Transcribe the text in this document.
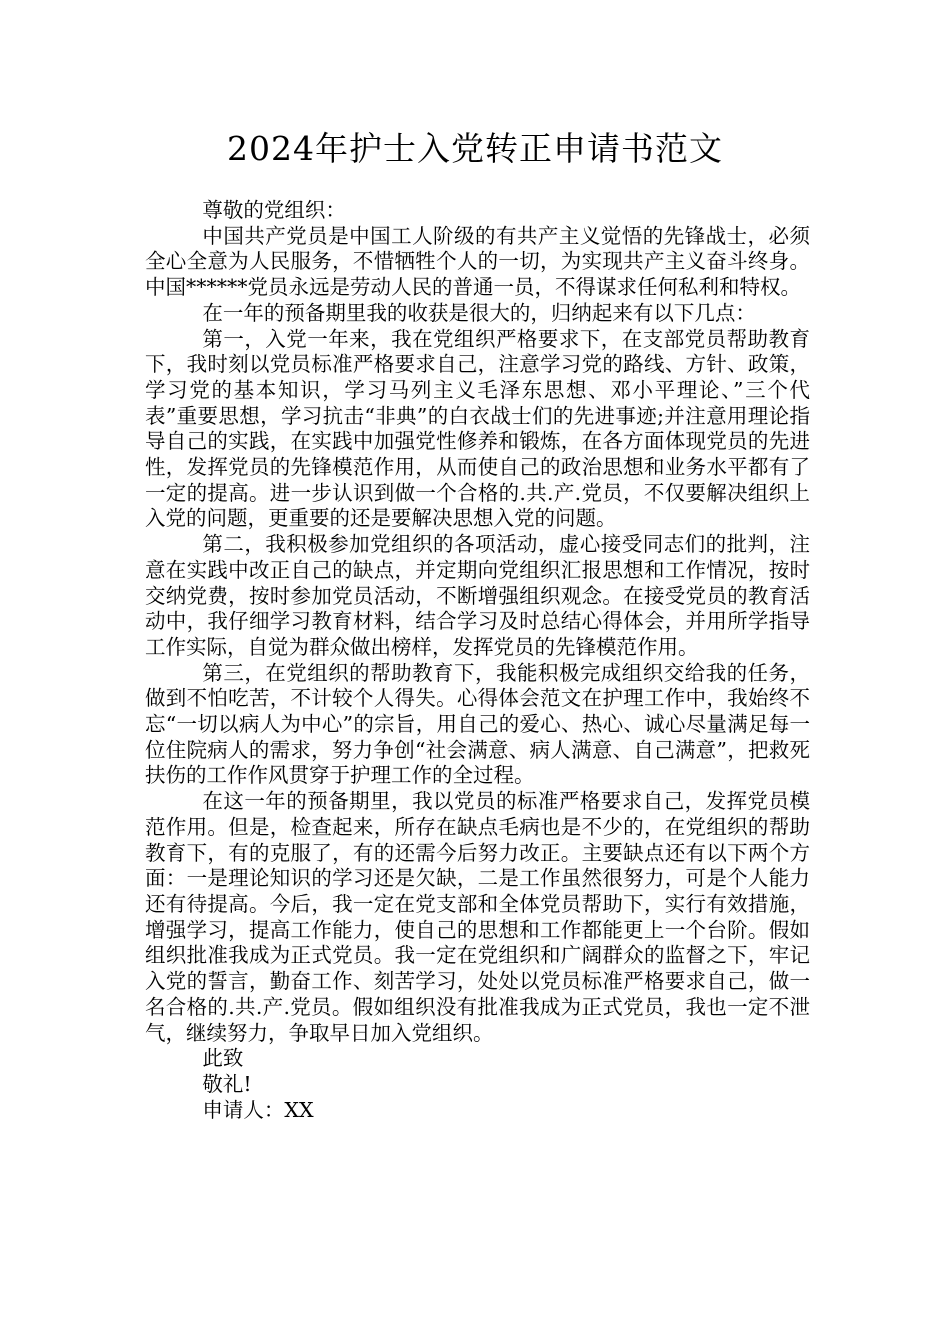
2024年护士入党转正申请书范文

尊敬的党组织：

中国共产党员是中国工人阶级的有共产主义觉悟的先锋战士，必须全心全意为人民服务，不惜牺牲个人的一切，为实现共产主义奋斗终身。中国******党员永远是劳动人民的普通一员，不得谋求任何私利和特权。

在一年的预备期里我的收获是很大的，归纳起来有以下几点：

第一，入党一年来，我在党组织严格要求下，在支部党员帮助教育下，我时刻以党员标准严格要求自己，注意学习党的路线、方针、政策，学习党的基本知识，学习马列主义毛泽东思想、邓小平理论、”三个代表”重要思想，学习抗击“非典”的白衣战士们的先进事迹;并注意用理论指导自己的实践，在实践中加强党性修养和锻炼，在各方面体现党员的先进性，发挥党员的先锋模范作用，从而使自己的政治思想和业务水平都有了一定的提高。进一步认识到做一个合格的.共.产.党员，不仅要解决组织上入党的问题，更重要的还是要解决思想入党的问题。

第二，我积极参加党组织的各项活动，虚心接受同志们的批判，注意在实践中改正自己的缺点，并定期向党组织汇报思想和工作情况，按时交纳党费，按时参加党员活动，不断增强组织观念。在接受党员的教育活动中，我仔细学习教育材料，结合学习及时总结心得体会，并用所学指导工作实际，自觉为群众做出榜样，发挥党员的先锋模范作用。

第三，在党组织的帮助教育下，我能积极完成组织交给我的任务，做到不怕吃苦，不计较个人得失。心得体会范文在护理工作中，我始终不忘“一切以病人为中心”的宗旨，用自己的爱心、热心、诚心尽量满足每一位住院病人的需求，努力争创“社会满意、病人满意、自己满意”，把救死扶伤的工作作风贯穿于护理工作的全过程。

在这一年的预备期里，我以党员的标准严格要求自己，发挥党员模范作用。但是，检查起来，所存在缺点毛病也是不少的，在党组织的帮助教育下，有的克服了，有的还需今后努力改正。主要缺点还有以下两个方面：一是理论知识的学习还是欠缺，二是工作虽然很努力，可是个人能力还有待提高。今后，我一定在党支部和全体党员帮助下，实行有效措施，增强学习，提高工作能力，使自己的思想和工作都能更上一个台阶。假如组织批准我成为正式党员。我一定在党组织和广阔群众的监督之下，牢记入党的誓言，勤奋工作、刻苦学习，处处以党员标准严格要求自己，做一名合格的.共.产.党员。假如组织没有批准我成为正式党员，我也一定不泄气，继续努力，争取早日加入党组织。

此致

敬礼!

申请人：XX
